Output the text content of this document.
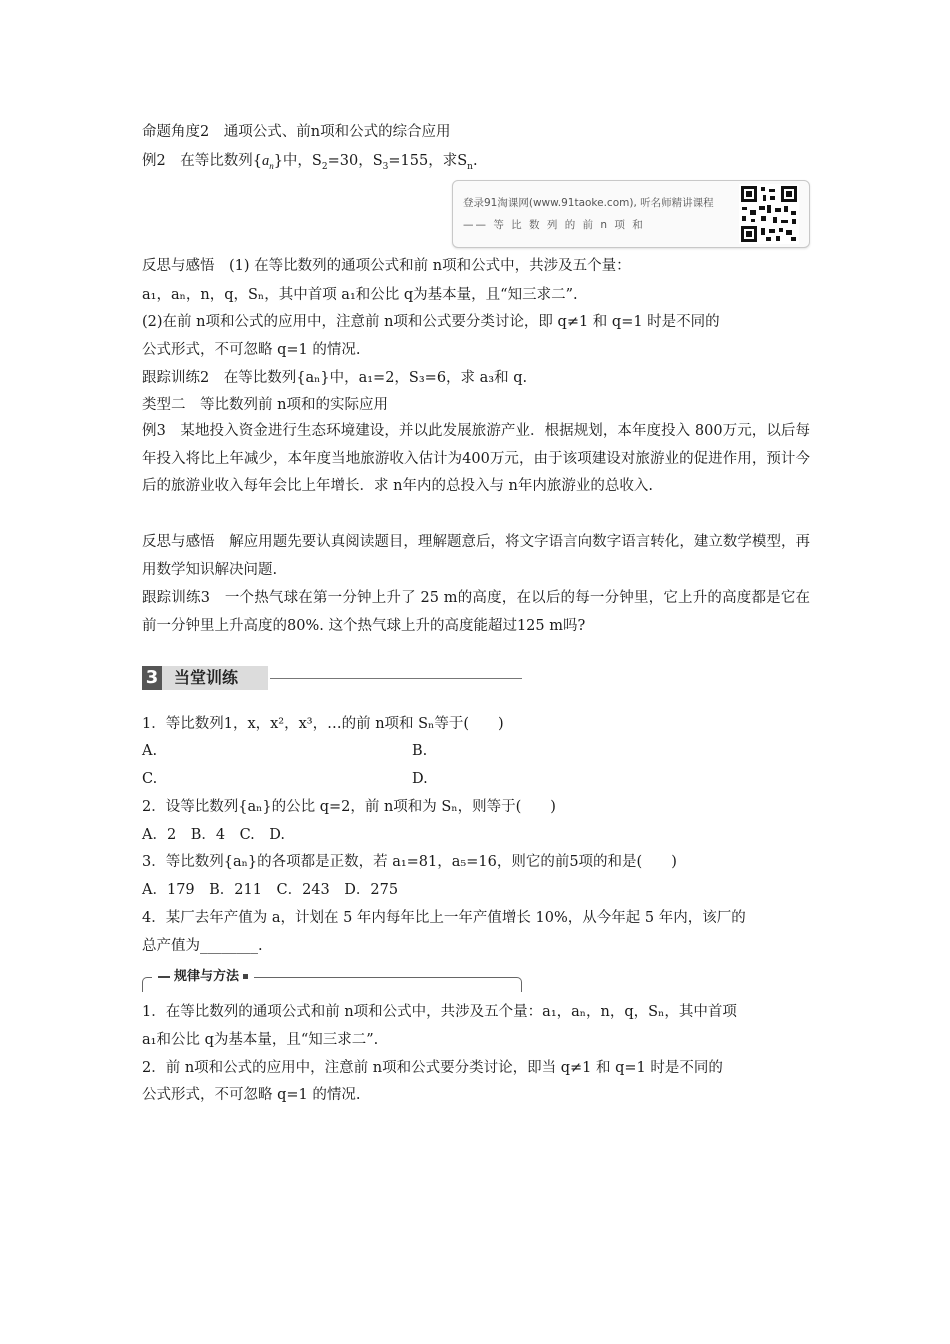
命题角度2　通项公式、前n项和公式的综合应用
例2　在等比数列$\{a_n\}$中，$S_2=30$，$S_3=155$，求$S_n$.
登录91淘课网(www.91taoke.com), 听名师精讲课程
—— 等 比 数 列 的 前 n 项 和
反思与感悟　(1) 在等比数列的通项公式和前 n项和公式中，共涉及五个量：
a₁，aₙ，n，q，Sₙ，其中首项 a₁和公比 q为基本量，且“知三求二”.
(2)在前 n项和公式的应用中，注意前 n项和公式要分类讨论，即 q≠1 和 q=1 时是不同的
公式形式，不可忽略 q=1 的情况.
跟踪训练2　在等比数列{aₙ}中，a₁=2，S₃=6，求 a₃和 q.
类型二　等比数列前 n项和的实际应用
例3　某地投入资金进行生态环境建设，并以此发展旅游产业．根据规划，本年度投入 800万元，以后每年投入将比上年减少，本年度当地旅游收入估计为400万元，由于该项建设对旅游业的促进作用，预计今后的旅游业收入每年会比上年增长．求 n年内的总投入与 n年内旅游业的总收入.
反思与感悟　解应用题先要认真阅读题目，理解题意后，将文字语言向数字语言转化，建立数学模型，再用数学知识解决问题.
跟踪训练3　一个热气球在第一分钟上升了 25 m的高度，在以后的每一分钟里，它上升的高度都是它在前一分钟里上升高度的80%. 这个热气球上升的高度能超过125 m吗?
3 当堂训练
1．等比数列1，x，x²，x³，…的前 n项和 Sₙ等于(　　)
A.	B.
C.	D.
2．设等比数列{aₙ}的公比 q=2，前 n项和为 Sₙ，则等于(　　)
A．2　B．4　C.　D.
3．等比数列{aₙ}的各项都是正数，若 a₁=81，a₅=16，则它的前5项的和是(　　)
A．179　B．211　C．243　D．275
4．某厂去年产值为 a，计划在 5 年内每年比上一年产值增长 10%，从今年起 5 年内，该厂的
总产值为________.
规律与方法
1．在等比数列的通项公式和前 n项和公式中，共涉及五个量：a₁，aₙ，n，q，Sₙ，其中首项
a₁和公比 q为基本量，且“知三求二”.
2．前 n项和公式的应用中，注意前 n项和公式要分类讨论，即当 q≠1 和 q=1 时是不同的
公式形式，不可忽略 q=1 的情况.
